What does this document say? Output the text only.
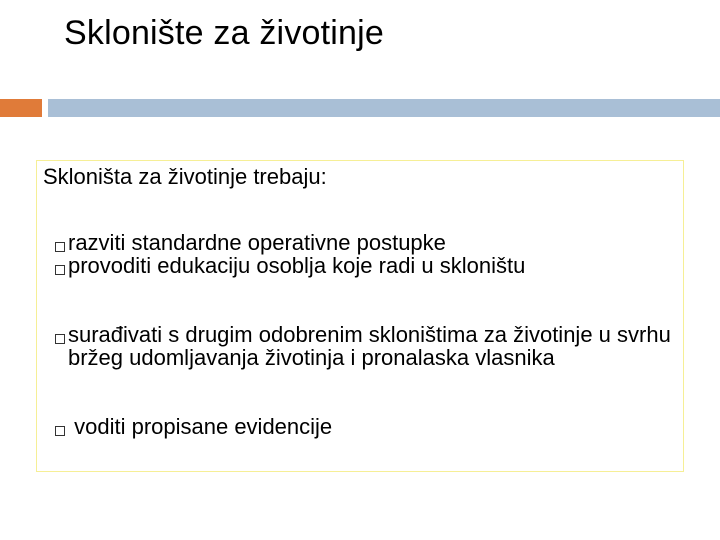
Sklonište za životinje
Skloništa za životinje trebaju:
razviti standardne operativne postupke
provoditi edukaciju osoblja koje radi u skloništu
surađivati s drugim odobrenim skloništima za životinje u svrhu bržeg udomljavanja životinja i pronalaska vlasnika
voditi propisane evidencije
